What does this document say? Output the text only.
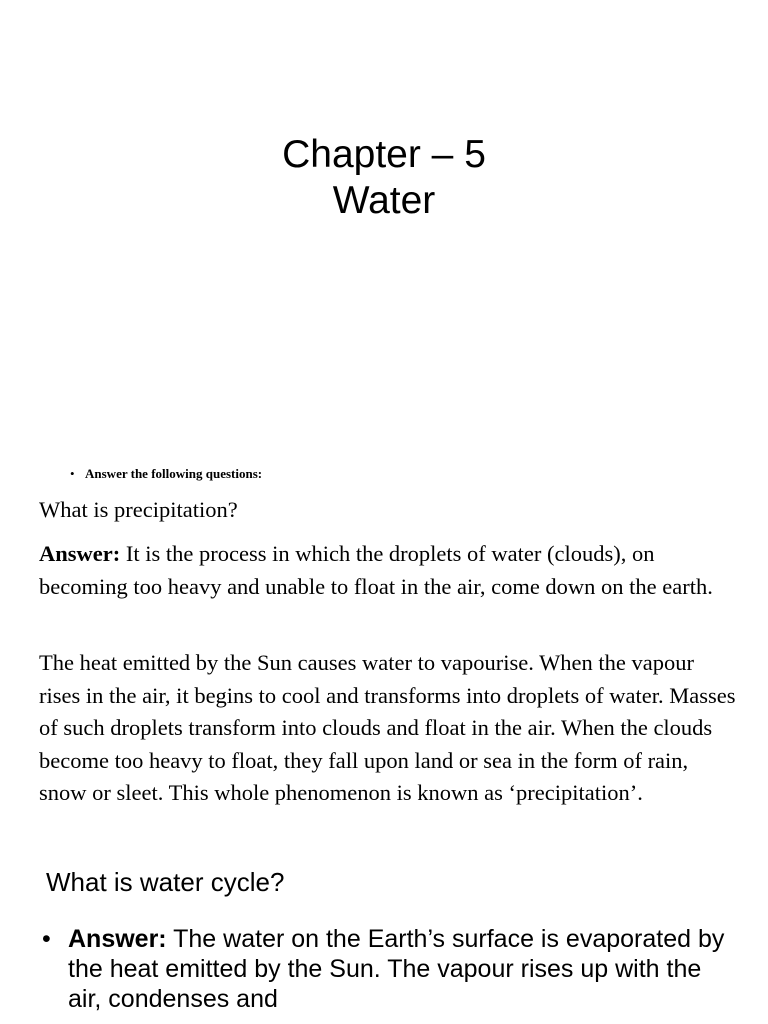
Chapter – 5
Water
• Answer the following questions:
What is precipitation?
Answer: It is the process in which the droplets of water (clouds), on becoming too heavy and unable to float in the air, come down on the earth.
The heat emitted by the Sun causes water to vapourise. When the vapour rises in the air, it begins to cool and transforms into droplets of water. Masses of such droplets transform into clouds and float in the air. When the clouds become too heavy to float, they fall upon land or sea in the form of rain, snow or sleet. This whole phenomenon is known as ‘precipitation’.
What is water cycle?
• Answer: The water on the Earth’s surface is evaporated by the heat emitted by the Sun. The vapour rises up with the air, condenses and
